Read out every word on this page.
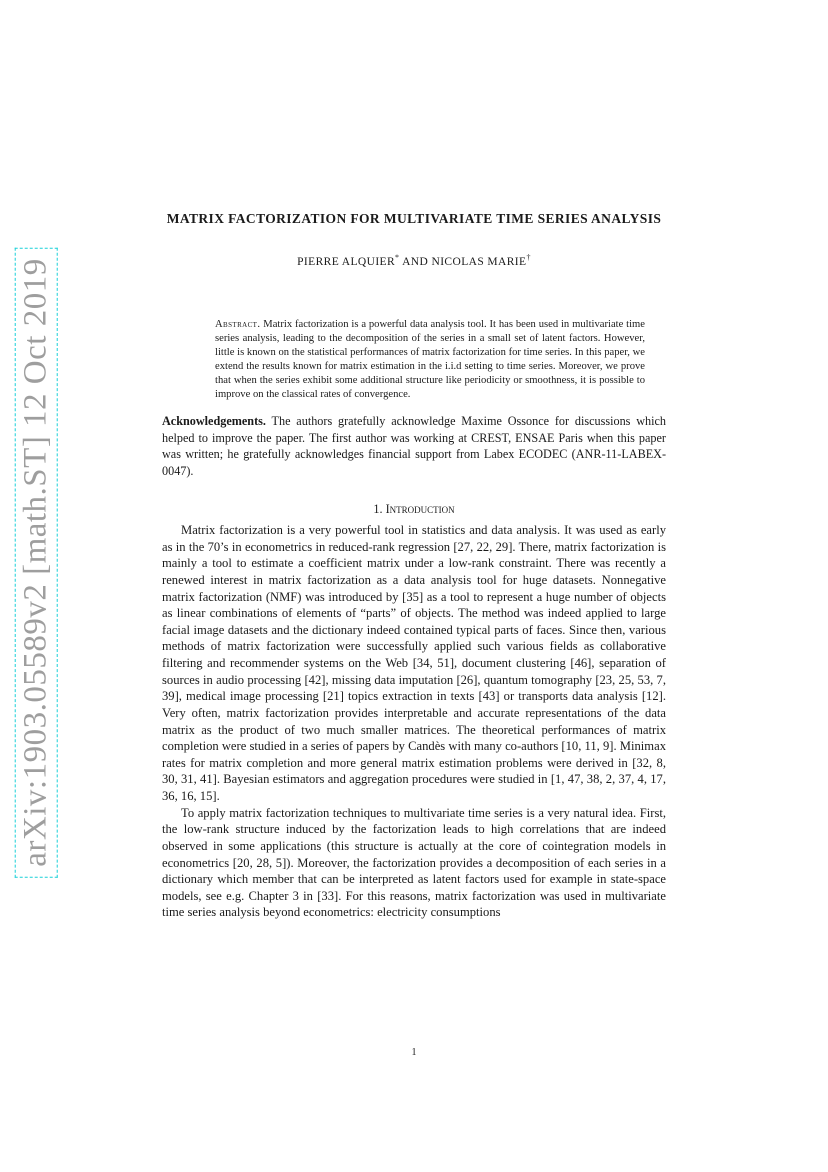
arXiv:1903.05589v2 [math.ST] 12 Oct 2019
MATRIX FACTORIZATION FOR MULTIVARIATE TIME SERIES ANALYSIS
PIERRE ALQUIER* AND NICOLAS MARIE†
Abstract. Matrix factorization is a powerful data analysis tool. It has been used in multivariate time series analysis, leading to the decomposition of the series in a small set of latent factors. However, little is known on the statistical performances of matrix factorization for time series. In this paper, we extend the results known for matrix estimation in the i.i.d setting to time series. Moreover, we prove that when the series exhibit some additional structure like periodicity or smoothness, it is possible to improve on the classical rates of convergence.
Acknowledgements. The authors gratefully acknowledge Maxime Ossonce for discussions which helped to improve the paper. The first author was working at CREST, ENSAE Paris when this paper was written; he gratefully acknowledges financial support from Labex ECODEC (ANR-11-LABEX-0047).
1. Introduction

Matrix factorization is a very powerful tool in statistics and data analysis. It was used as early as in the 70’s in econometrics in reduced-rank regression [27, 22, 29]. There, matrix factorization is mainly a tool to estimate a coefficient matrix under a low-rank constraint. There was recently a renewed interest in matrix factorization as a data analysis tool for huge datasets. Nonnegative matrix factorization (NMF) was introduced by [35] as a tool to represent a huge number of objects as linear combinations of elements of “parts” of objects. The method was indeed applied to large facial image datasets and the dictionary indeed contained typical parts of faces. Since then, various methods of matrix factorization were successfully applied such various fields as collaborative filtering and recommender systems on the Web [34, 51], document clustering [46], separation of sources in audio processing [42], missing data imputation [26], quantum tomography [23, 25, 53, 7, 39], medical image processing [21] topics extraction in texts [43] or transports data analysis [12]. Very often, matrix factorization provides interpretable and accurate representations of the data matrix as the product of two much smaller matrices. The theoretical performances of matrix completion were studied in a series of papers by Candès with many co-authors [10, 11, 9]. Minimax rates for matrix completion and more general matrix estimation problems were derived in [32, 8, 30, 31, 41]. Bayesian estimators and aggregation procedures were studied in [1, 47, 38, 2, 37, 4, 17, 36, 16, 15].

To apply matrix factorization techniques to multivariate time series is a very natural idea. First, the low-rank structure induced by the factorization leads to high correlations that are indeed observed in some applications (this structure is actually at the core of cointegration models in econometrics [20, 28, 5]). Moreover, the factorization provides a decomposition of each series in a dictionary which member that can be interpreted as latent factors used for example in state-space models, see e.g. Chapter 3 in [33]. For this reasons, matrix factorization was used in multivariate time series analysis beyond econometrics: electricity consumptions

1
